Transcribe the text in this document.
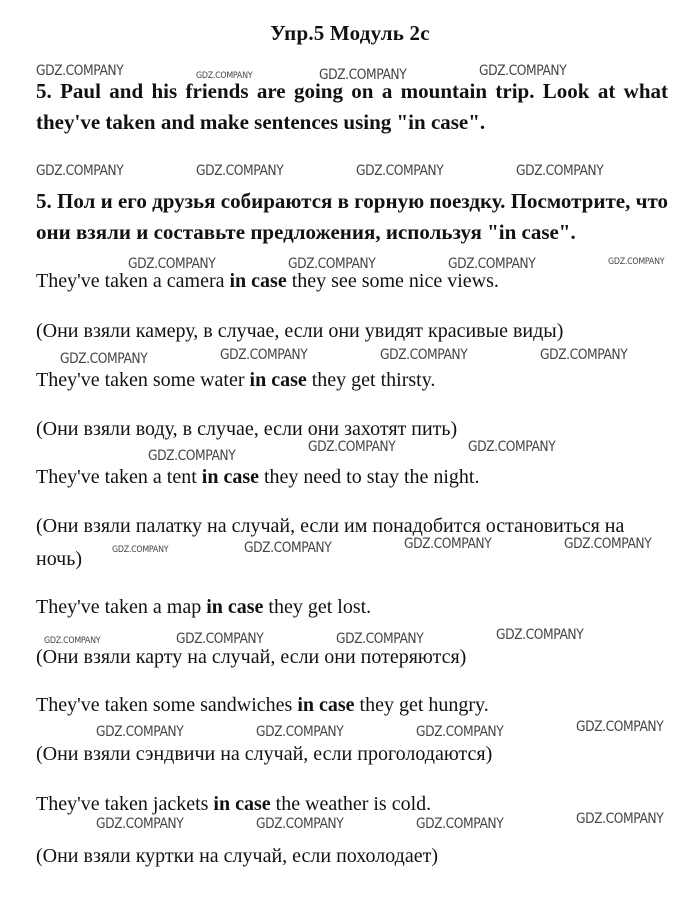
Упр.5 Модуль 2с

5. Paul and his friends are going on a mountain trip. Look at what they've taken and make sentences using "in case".

5. Пол и его друзья собираются в горную поездку. Посмотрите, что они взяли и составьте предложения, используя "in case".

They've taken a camera in case they see some nice views.

(Они взяли камеру, в случае, если они увидят красивые виды)

They've taken some water in case they get thirsty.

(Они взяли воду, в случае, если они захотят пить)

They've taken a tent in case they need to stay the night.

(Они взяли палатку на случай, если им понадобится остановиться на ночь)

They've taken a map in case they get lost.

(Они взяли карту на случай, если они потеряются)

They've taken some sandwiches in case they get hungry.

(Они взяли сэндвичи на случай, если проголодаются)

They've taken jackets in case the weather is cold.

(Они взяли куртки на случай, если похолодает)

GDZ.COMPANY	GDZ.COMPANY	GDZ.COMPANY	GDZ.COMPANY
GDZ.COMPANY	GDZ.COMPANY	GDZ.COMPANY	GDZ.COMPANY
GDZ.COMPANY	GDZ.COMPANY	GDZ.COMPANY	GDZ.COMPANY
GDZ.COMPANY	GDZ.COMPANY	GDZ.COMPANY	GDZ.COMPANY
GDZ.COMPANY
GDZ.COMPANY	GDZ.COMPANY
GDZ.COMPANY	GDZ.COMPANY	GDZ.COMPANY	GDZ.COMPANY
GDZ.COMPANY	GDZ.COMPANY	GDZ.COMPANY	GDZ.COMPANY
GDZ.COMPANY	GDZ.COMPANY	GDZ.COMPANY	GDZ.COMPANY
GDZ.COMPANY	GDZ.COMPANY	GDZ.COMPANY	GDZ.COMPANY
